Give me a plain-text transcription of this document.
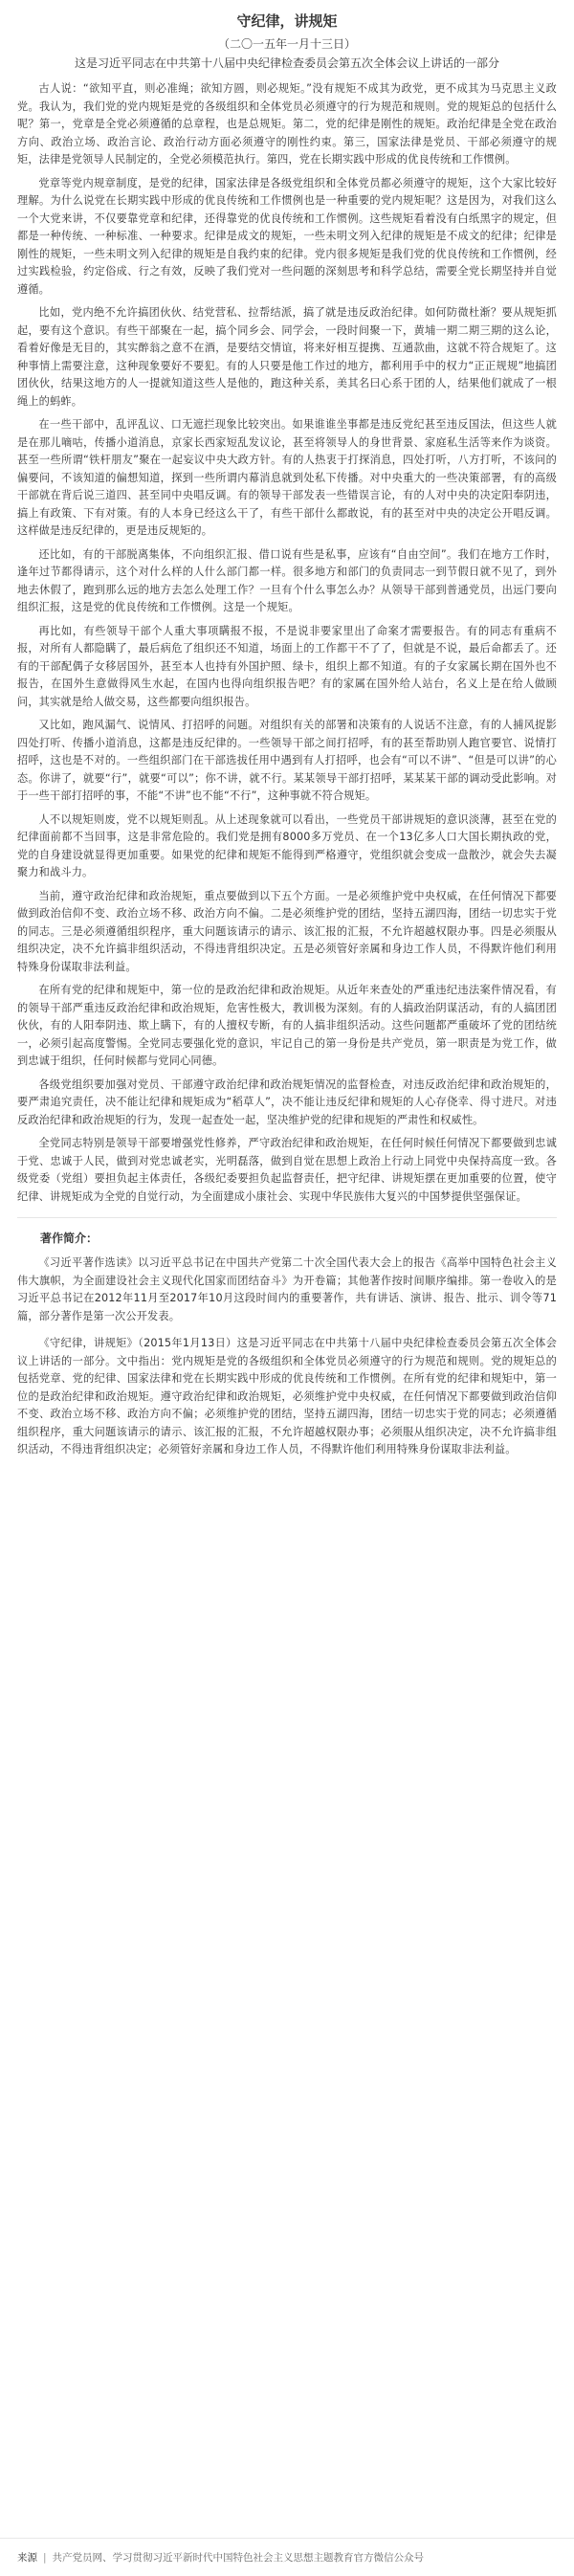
守纪律，讲规矩
（二〇一五年一月十三日）
这是习近平同志在中共第十八届中央纪律检查委员会第五次全体会议上讲话的一部分

古人说：“欲知平直，则必准绳；欲知方圆，则必规矩。”没有规矩不成其为政党，更不成其为马克思主义政党。我认为，我们党的党内规矩是党的各级组织和全体党员必须遵守的行为规范和规则。党的规矩总的包括什么呢？第一，党章是全党必须遵循的总章程，也是总规矩。第二，党的纪律是刚性的规矩。政治纪律是全党在政治方向、政治立场、政治言论、政治行动方面必须遵守的刚性约束。第三，国家法律是党员、干部必须遵守的规矩，法律是党领导人民制定的，全党必须模范执行。第四，党在长期实践中形成的优良传统和工作惯例。

党章等党内规章制度，是党的纪律，国家法律是各级党组织和全体党员都必须遵守的规矩，这个大家比较好理解。为什么说党在长期实践中形成的优良传统和工作惯例也是一种重要的党内规矩呢？这是因为，对我们这么一个大党来讲，不仅要靠党章和纪律，还得靠党的优良传统和工作惯例。这些规矩看着没有白纸黑字的规定，但都是一种传统、一种标准、一种要求。纪律是成文的规矩，一些未明文列入纪律的规矩是不成文的纪律；纪律是刚性的规矩，一些未明文列入纪律的规矩是自我约束的纪律。党内很多规矩是我们党的优良传统和工作惯例，经过实践检验，约定俗成、行之有效，反映了我们党对一些问题的深刻思考和科学总结，需要全党长期坚持并自觉遵循。

比如，党内绝不允许搞团伙伙、结党营私、拉帮结派，搞了就是违反政治纪律。如何防微杜渐？要从规矩抓起，要有这个意识。有些干部聚在一起，搞个同乡会、同学会，一段时间聚一下，黄埔一期二期三期的这么论，看着好像是无目的，其实醉翁之意不在酒，是要结交情谊，将来好相互提携、互通款曲，这就不符合规矩了。这种事情上需要注意，这种现象要好不要犯。有的人只要是他工作过的地方，都利用手中的权力“正正规规”地搞团团伙伙，结果这地方的人一提就知道这些人是他的，跑这种关系，美其名曰心系于团的人，结果他们就成了一根绳上的蚂蚱。

在一些干部中，乱评乱议、口无遮拦现象比较突出。如果谁谁坐事都是违反党纪甚至违反国法，但这些人就是在那儿嘀咕，传播小道消息，京家长西家短乱发议论，甚至将领导人的身世背景、家庭私生活等来作为谈资。甚至一些所谓“铁杆朋友”聚在一起妄议中央大政方针。有的人热衷于打探消息，四处打听，八方打听，不该问的偏要问，不该知道的偏想知道，探到一些所谓内幕消息就到处私下传播。对中央重大的一些决策部署，有的高级干部就在背后说三道四、甚至同中央唱反调。有的领导干部发表一些错误言论，有的人对中央的决定阳奉阴违，搞上有政策、下有对策。有的人本身已经这么干了，有些干部什么都敢说，有的甚至对中央的决定公开唱反调。这样做是违反纪律的，更是违反规矩的。

还比如，有的干部脱离集体，不向组织汇报、借口说有些是私事，应该有“自由空间”。我们在地方工作时，逢年过节都得请示，这个对什么样的人什么部门都一样。很多地方和部门的负责同志一到节假日就不见了，到外地去休假了，跑到那么远的地方去怎么处理工作？一旦有个什么事怎么办？从领导干部到普通党员，出远门要向组织汇报，这是党的优良传统和工作惯例。这是一个规矩。

再比如，有些领导干部个人重大事项瞒报不报，不是说非要家里出了命案才需要报告。有的同志有重病不报，对所有人都隐瞒了，最后病危了组织还不知道，场面上的工作都干不了了，但就是不说，最后命都丢了。还有的干部配偶子女移居国外，甚至本人也持有外国护照、绿卡，组织上都不知道。有的子女家属长期在国外也不报告，在国外生意做得风生水起，在国内也得向组织报告吧？有的家属在国外给人站台，名义上是在给人做顾问，其实就是给人做交易，这些都要向组织报告。

又比如，跑风漏气、说情风、打招呼的问题。对组织有关的部署和决策有的人说话不注意，有的人捕风捉影四处打听、传播小道消息，这都是违反纪律的。一些领导干部之间打招呼，有的甚至帮助别人跑官要官、说情打招呼，这也是不对的。一些组织部门在干部选拔任用中遇到有人打招呼，也会有“可以不讲”、“但是可以讲”的心态。你讲了，就要“行”，就要“可以”；你不讲，就不行。某某领导干部打招呼，某某某干部的调动受此影响。对于一些干部打招呼的事，不能“不讲”也不能“不行”，这种事就不符合规矩。

人不以规矩则废，党不以规矩则乱。从上述现象就可以看出，一些党员干部讲规矩的意识淡薄，甚至在党的纪律面前都不当回事，这是非常危险的。我们党是拥有8000多万党员、在一个13亿多人口大国长期执政的党，党的自身建设就显得更加重要。如果党的纪律和规矩不能得到严格遵守，党组织就会变成一盘散沙，就会失去凝聚力和战斗力。

当前，遵守政治纪律和政治规矩，重点要做到以下五个方面。一是必须维护党中央权威，在任何情况下都要做到政治信仰不变、政治立场不移、政治方向不偏。二是必须维护党的团结，坚持五湖四海，团结一切忠实于党的同志。三是必须遵循组织程序，重大问题该请示的请示、该汇报的汇报，不允许超越权限办事。四是必须服从组织决定，决不允许搞非组织活动，不得违背组织决定。五是必须管好亲属和身边工作人员，不得默许他们利用特殊身份谋取非法利益。

在所有党的纪律和规矩中，第一位的是政治纪律和政治规矩。从近年来查处的严重违纪违法案件情况看，有的领导干部严重违反政治纪律和政治规矩，危害性极大，教训极为深刻。有的人搞政治阴谋活动，有的人搞团团伙伙，有的人阳奉阴违、欺上瞒下，有的人擅权专断，有的人搞非组织活动。这些问题都严重破坏了党的团结统一，必须引起高度警惕。全党同志要强化党的意识，牢记自己的第一身份是共产党员，第一职责是为党工作，做到忠诚于组织，任何时候都与党同心同德。

各级党组织要加强对党员、干部遵守政治纪律和政治规矩情况的监督检查，对违反政治纪律和政治规矩的，要严肃追究责任，决不能让纪律和规矩成为“稻草人”，决不能让违反纪律和规矩的人心存侥幸、得寸进尺。对违反政治纪律和政治规矩的行为，发现一起查处一起，坚决维护党的纪律和规矩的严肃性和权威性。

全党同志特别是领导干部要增强党性修养，严守政治纪律和政治规矩，在任何时候任何情况下都要做到忠诚于党、忠诚于人民，做到对党忠诚老实，光明磊落，做到自觉在思想上政治上行动上同党中央保持高度一致。各级党委（党组）要担负起主体责任，各级纪委要担负起监督责任，把守纪律、讲规矩摆在更加重要的位置，使守纪律、讲规矩成为全党的自觉行动，为全面建成小康社会、实现中华民族伟大复兴的中国梦提供坚强保证。

著作简介：

《习近平著作选读》以习近平总书记在中国共产党第二十次全国代表大会上的报告《高举中国特色社会主义伟大旗帜，为全面建设社会主义现代化国家而团结奋斗》为开卷篇；其他著作按时间顺序编排。第一卷收入的是习近平总书记在2012年11月至2017年10月这段时间内的重要著作，共有讲话、演讲、报告、批示、训令等71篇，部分著作是第一次公开发表。

《守纪律，讲规矩》（2015年1月13日）这是习近平同志在中共第十八届中央纪律检查委员会第五次全体会议上讲话的一部分。文中指出：党内规矩是党的各级组织和全体党员必须遵守的行为规范和规则。党的规矩总的包括党章、党的纪律、国家法律和党在长期实践中形成的优良传统和工作惯例。在所有党的纪律和规矩中，第一位的是政治纪律和政治规矩。遵守政治纪律和政治规矩，必须维护党中央权威，在任何情况下都要做到政治信仰不变、政治立场不移、政治方向不偏；必须维护党的团结，坚持五湖四海，团结一切忠实于党的同志；必须遵循组织程序，重大问题该请示的请示、该汇报的汇报，不允许超越权限办事；必须服从组织决定，决不允许搞非组织活动，不得违背组织决定；必须管好亲属和身边工作人员，不得默许他们利用特殊身份谋取非法利益。

来源 | 共产党员网、学习贯彻习近平新时代中国特色社会主义思想主题教育官方微信公众号
